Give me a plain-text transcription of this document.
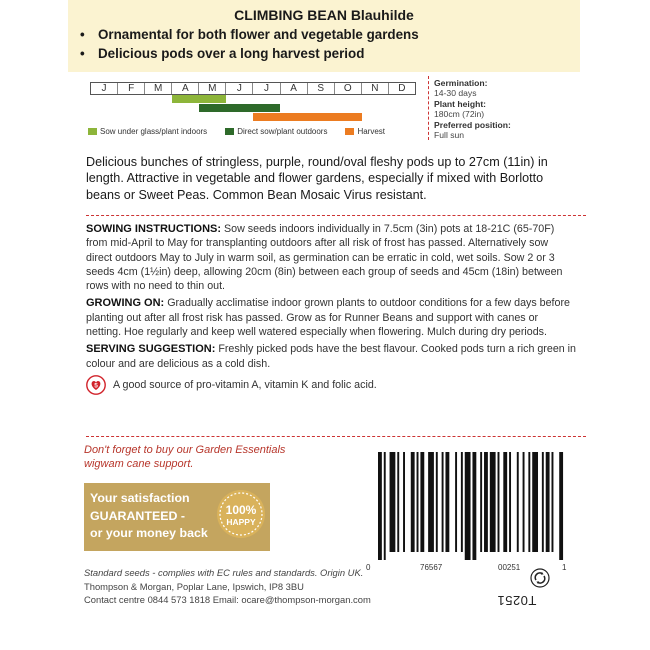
CLIMBING BEAN Blauhilde
• Ornamental for both flower and vegetable gardens
• Delicious pods over a long harvest period
J	F	M	A	M	J	J	A	S	O	N	D
Sow under glass/plant indoors	Direct sow/plant outdoors	Harvest
Germination:
14-30 days
Plant height:
180cm (72in)
Preferred position:
Full sun

Delicious bunches of stringless, purple, round/oval fleshy pods up to 27cm (11in) in length. Attractive in vegetable and flower gardens, especially if mixed with Borlotto beans or Sweet Peas. Common Bean Mosaic Virus resistant.

SOWING INSTRUCTIONS: Sow seeds indoors individually in 7.5cm (3in) pots at 18-21C (65-70F) from mid-April to May for transplanting outdoors after all risk of frost has passed. Alternatively sow direct outdoors May to July in warm soil, as germination can be erratic in cold, wet soils. Sow 2 or 3 seeds 4cm (1½in) deep, allowing 20cm (8in) between each group of seeds and 45cm (18in) between rows with no need to thin out.

GROWING ON: Gradually acclimatise indoor grown plants to outdoor conditions for a few days before planting out after all frost risk has passed. Grow as for Runner Beans and support with canes or netting. Hoe regularly and keep well watered especially when flowering. Mulch during dry periods.

SERVING SUGGESTION: Freshly picked pods have the best flavour. Cooked pods turn a rich green in colour and are delicious as a cold dish.

5 A good source of pro-vitamin A, vitamin K and folic acid.
Don't forget to buy our Garden Essentials
wigwam cane support.
Your satisfaction
GUARANTEED -
or your money back
100%
HAPPY
0	76567	00251	1
Standard seeds - complies with EC rules and standards. Origin UK.
Thompson & Morgan, Poplar Lane, Ipswich, IP8 3BU
Contact centre 0844 573 1818 Email: ocare@thompson-morgan.com	T0251
